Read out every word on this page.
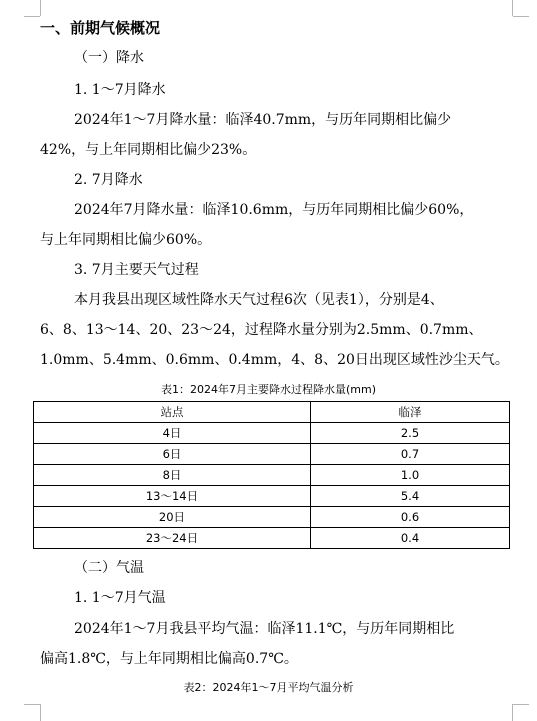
一、前期气候概况
（一）降水
1. 1～7月降水
2024年1～7月降水量：临泽40.7mm，与历年同期相比偏少
42%，与上年同期相比偏少23%。
2. 7月降水
2024年7月降水量：临泽10.6mm，与历年同期相比偏少60%，
与上年同期相比偏少60%。
3. 7月主要天气过程
本月我县出现区域性降水天气过程6次（见表1），分别是4、
6、8、13～14、20、23～24，过程降水量分别为2.5mm、0.7mm、
1.0mm、5.4mm、0.6mm、0.4mm，4、8、20日出现区域性沙尘天气。
表1：2024年7月主要降水过程降水量(mm)
站点	临泽
4日	2.5
6日	0.7
8日	1.0
13～14日	5.4
20日	0.6
23～24日	0.4
（二）气温
1. 1～7月气温
2024年1～7月我县平均气温：临泽11.1℃，与历年同期相比
偏高1.8℃，与上年同期相比偏高0.7℃。
表2：2024年1～7月平均气温分析
